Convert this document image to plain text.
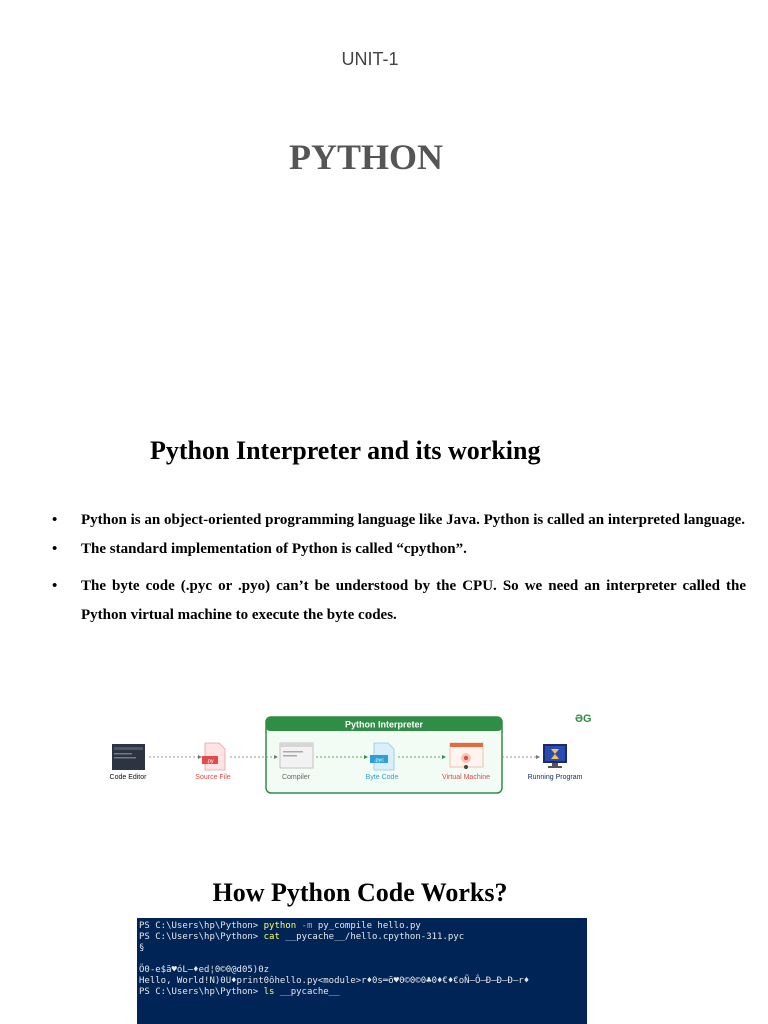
UNIT-1
PYTHON
Python Interpreter and its working
• Python is an object-oriented programming language like Java. Python is called an interpreted language.
• The standard implementation of Python is called “cpython”.
• The byte code (.pyc or .pyo) can’t be understood by the CPU. So we need an interpreter called the Python virtual machine to execute the byte codes.
ƏG
Python Interpreter
Code Editor
.py
Source File	Compiler
.pyc
Byte Code	Virtual Machine	Running Program
How Python Code Works?
PS C:\Users\hp\Python> python -m py_compile hello.py
PS C:\Users\hp\Python> cat __pycache__/hello.cpython-311.pyc
§

Ö0-e$ã♥óL—♦ed¦0©0@d05)0z
Hello, World!N)0U♦print0ôhello.py<module>r♦0s═õ♥0©0©0♣0♦€♦€oÑ—Ô—Ð—Ð—Ð—r♦
PS C:\Users\hp\Python> ls __pycache__
